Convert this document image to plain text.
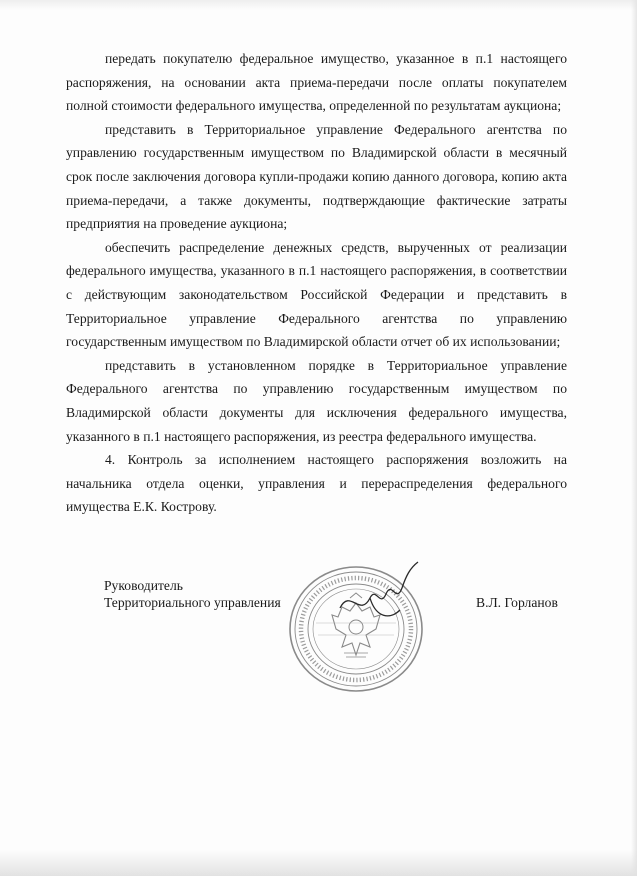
передать покупателю федеральное имущество, указанное в п.1 настоящего распоряжения, на основании акта приема-передачи после оплаты покупателем полной стоимости федерального имущества, определенной по результатам аукциона;

представить в Территориальное управление Федерального агентства по управлению государственным имуществом по Владимирской области в месячный срок после заключения договора купли-продажи копию данного договора, копию акта приема-передачи, а также документы, подтверждающие фактические затраты предприятия на проведение аукциона;

обеспечить распределение денежных средств, вырученных от реализации федерального имущества, указанного в п.1 настоящего распоряжения, в соответствии с действующим законодательством Российской Федерации и представить в Территориальное управление Федерального агентства по управлению государственным имуществом по Владимирской области отчет об их использовании;

представить в установленном порядке в Территориальное управление Федерального агентства по управлению государственным имуществом по Владимирской области документы для исключения федерального имущества, указанного в п.1 настоящего распоряжения, из реестра федерального имущества.

4. Контроль за исполнением настоящего распоряжения возложить на начальника отдела оценки, управления и перераспределения федерального имущества Е.К. Кострову.

Руководитель
Территориального управления	В.Л. Горланов
